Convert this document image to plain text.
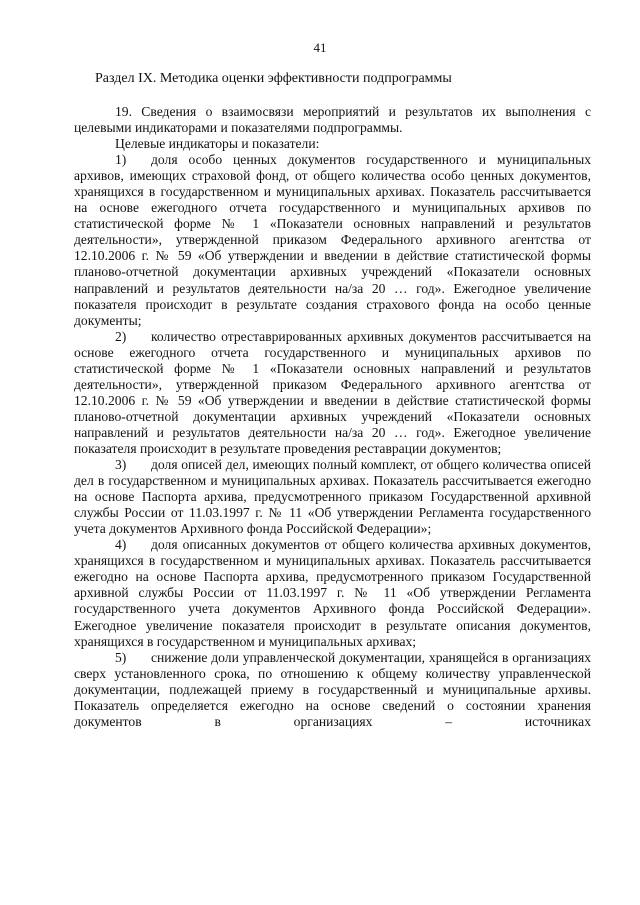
41
Раздел IX. Методика оценки эффективности подпрограммы

19. Сведения о взаимосвязи мероприятий и результатов их выполнения с целевыми индикаторами и показателями подпрограммы.

Целевые индикаторы и показатели:

1) доля особо ценных документов государственного и муниципальных архивов, имеющих страховой фонд, от общего количества особо ценных документов, хранящихся в государственном и муниципальных архивах. Показатель рассчитывается на основе ежегодного отчета государственного и муниципальных архивов по статистической форме № 1 «Показатели основных направлений и результатов деятельности», утвержденной приказом Федерального архивного агентства от 12.10.2006 г. № 59 «Об утверждении и введении в действие статистической формы планово-отчетной документации архивных учреждений «Показатели основных направлений и результатов деятельности на/за 20 … год». Ежегодное увеличение показателя происходит в результате создания страхового фонда на особо ценные документы;

2) количество отреставрированных архивных документов рассчитывается на основе ежегодного отчета государственного и муниципальных архивов по статистической форме № 1 «Показатели основных направлений и результатов деятельности», утвержденной приказом Федерального архивного агентства от 12.10.2006 г. № 59 «Об утверждении и введении в действие статистической формы планово-отчетной документации архивных учреждений «Показатели основных направлений и результатов деятельности на/за 20 … год». Ежегодное увеличение показателя происходит в результате проведения реставрации документов;

3) доля описей дел, имеющих полный комплект, от общего количества описей дел в государственном и муниципальных архивах. Показатель рассчитывается ежегодно на основе Паспорта архива, предусмотренного приказом Государственной архивной службы России от 11.03.1997 г. № 11 «Об утверждении Регламента государственного учета документов Архивного фонда Российской Федерации»;

4) доля описанных документов от общего количества архивных документов, хранящихся в государственном и муниципальных архивах. Показатель рассчитывается ежегодно на основе Паспорта архива, предусмотренного приказом Государственной архивной службы России от 11.03.1997 г. № 11 «Об утверждении Регламента государственного учета документов Архивного фонда Российской Федерации». Ежегодное увеличение показателя происходит в результате описания документов, хранящихся в государственном и муниципальных архивах;

5) снижение доли управленческой документации, хранящейся в организациях сверх установленного срока, по отношению к общему количеству управленческой документации, подлежащей приему в государственный и муниципальные архивы. Показатель определяется ежегодно на основе сведений о состоянии хранения документов в организациях – источниках
